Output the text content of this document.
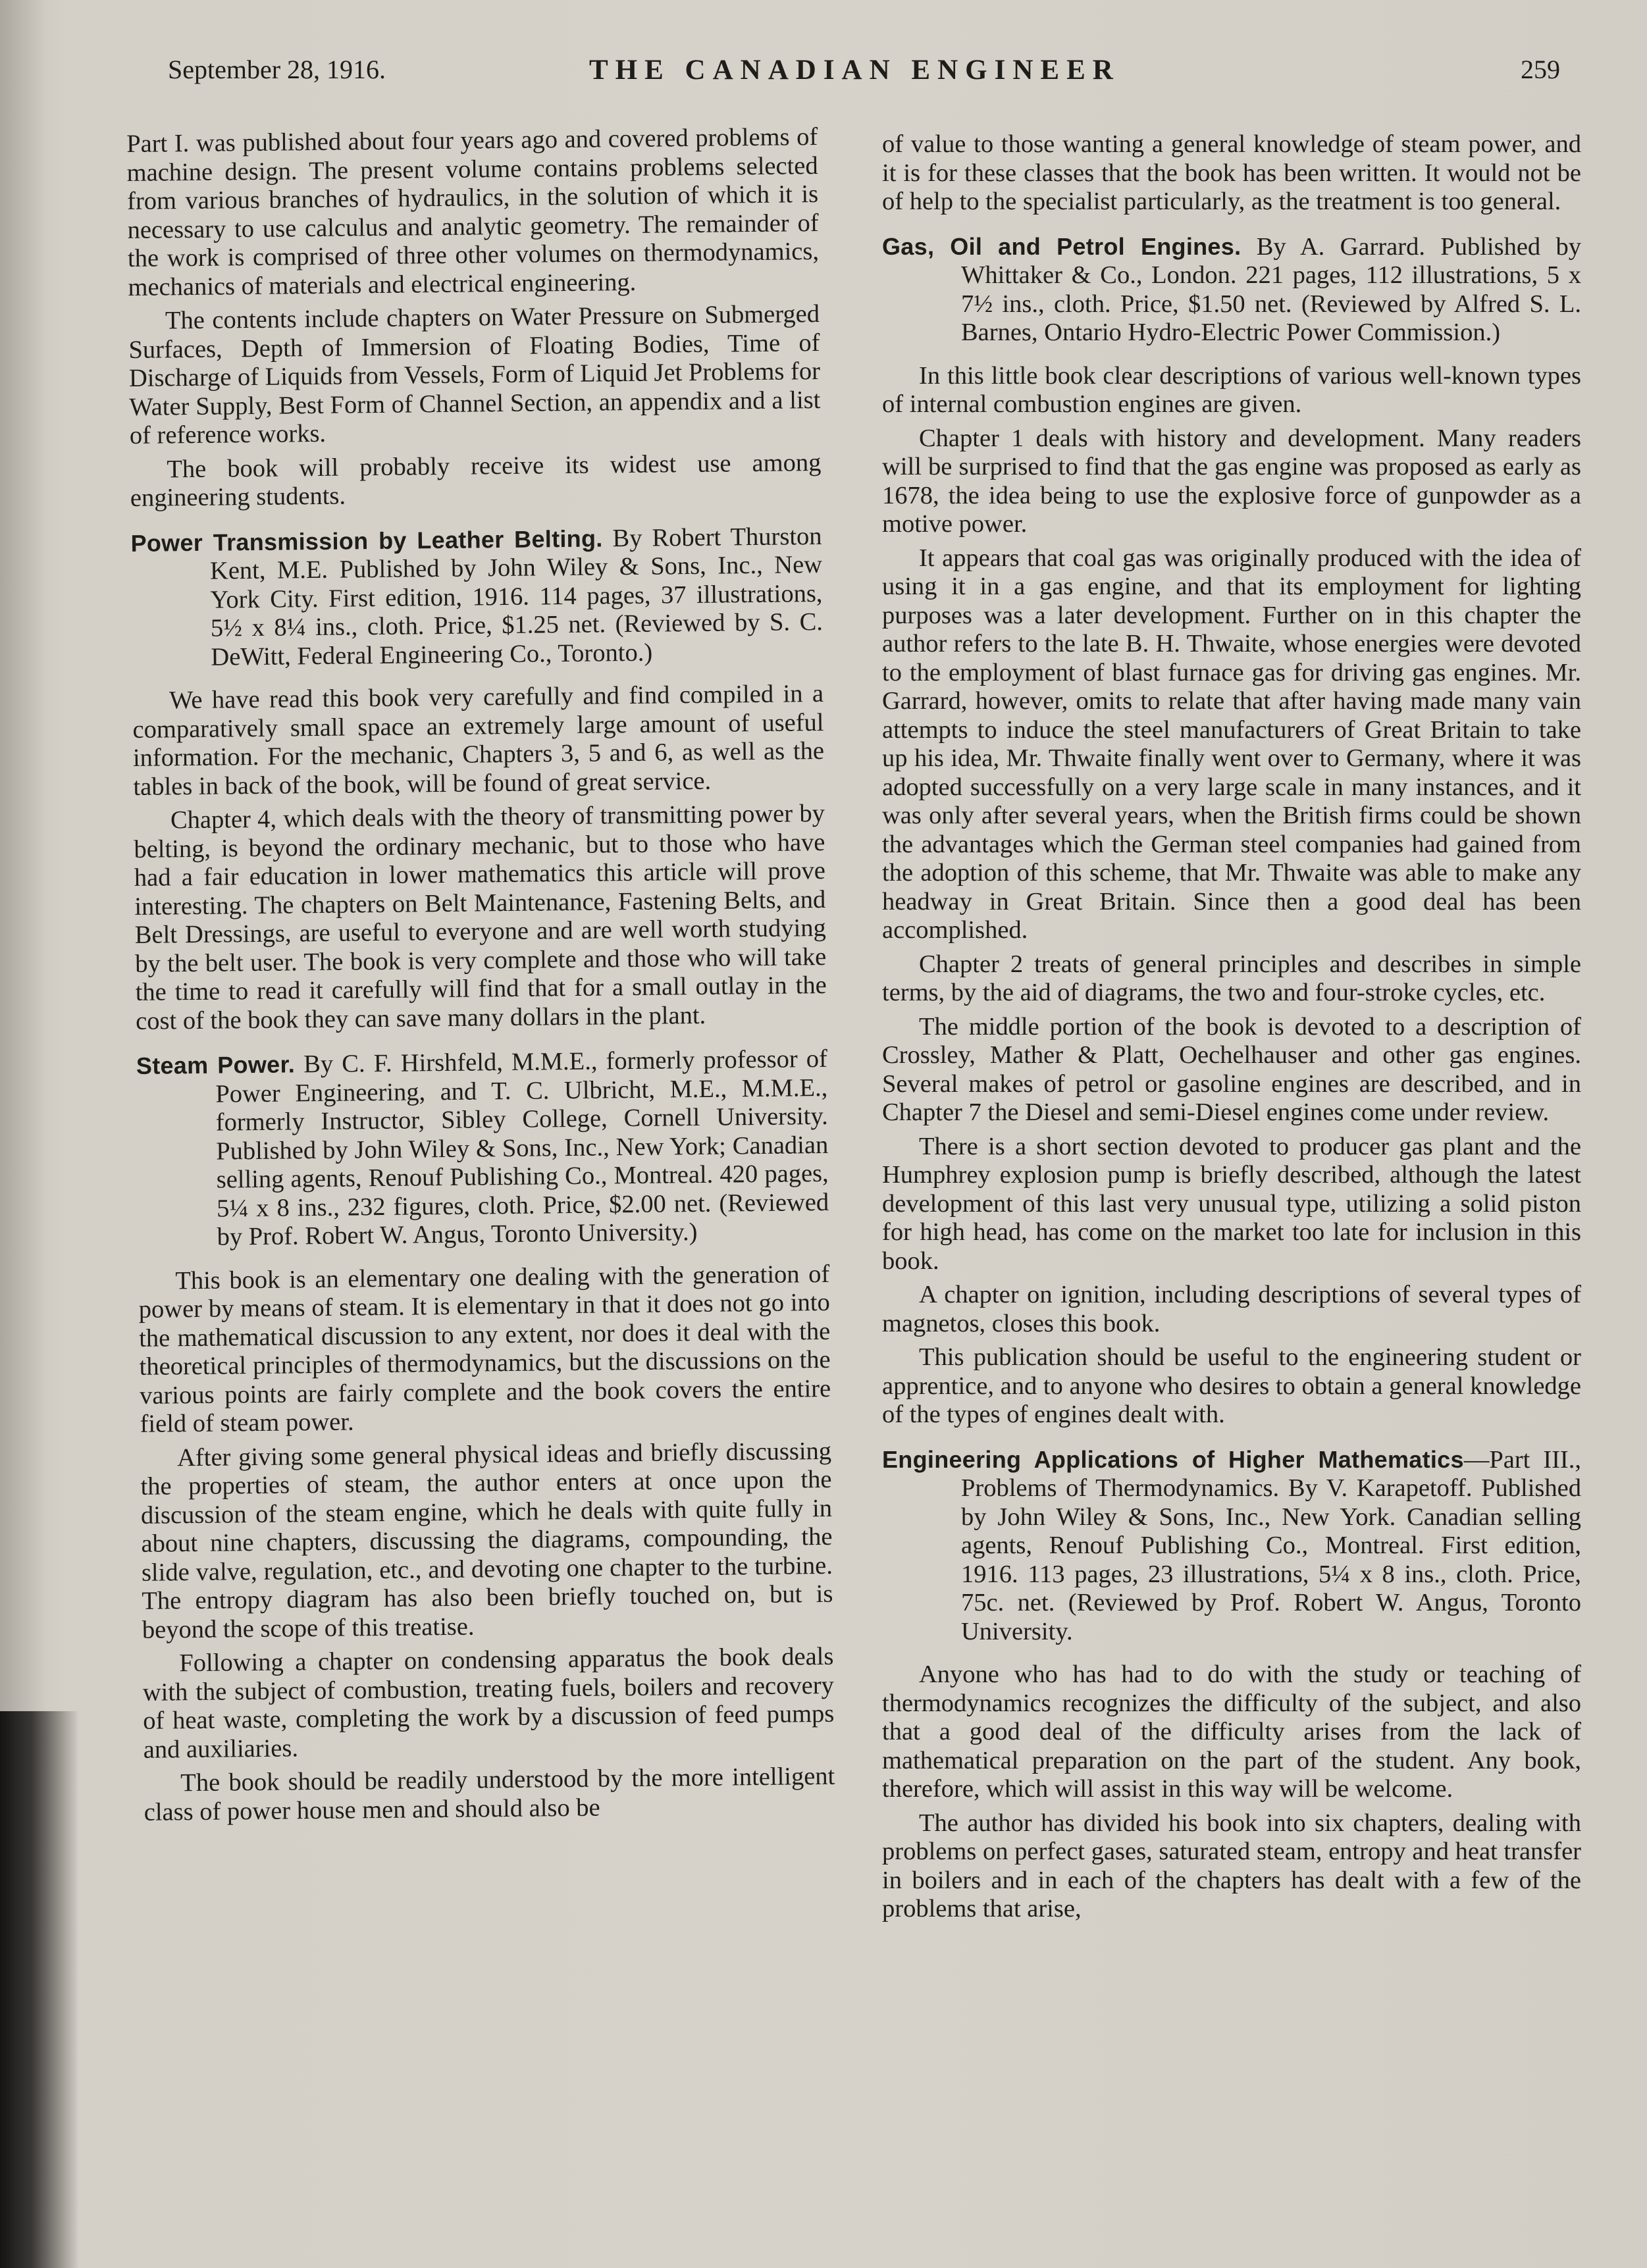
September 28, 1916.	THE CANADIAN ENGINEER	259

Part I. was published about four years ago and covered problems of machine design. The present volume contains problems selected from various branches of hydraulics, in the solution of which it is necessary to use calculus and analytic geometry. The remainder of the work is comprised of three other volumes on thermodynamics, mechanics of materials and electrical engineering.

The contents include chapters on Water Pressure on Submerged Surfaces, Depth of Immersion of Floating Bodies, Time of Discharge of Liquids from Vessels, Form of Liquid Jet Problems for Water Supply, Best Form of Channel Section, an appendix and a list of reference works.

The book will probably receive its widest use among engineering students.

Power Transmission by Leather Belting. By Robert Thurston Kent, M.E. Published by John Wiley & Sons, Inc., New York City. First edition, 1916. 114 pages, 37 illustrations, 5½ x 8¼ ins., cloth. Price, $1.25 net. (Reviewed by S. C. DeWitt, Federal Engineering Co., Toronto.)

We have read this book very carefully and find compiled in a comparatively small space an extremely large amount of useful information. For the mechanic, Chapters 3, 5 and 6, as well as the tables in back of the book, will be found of great service.

Chapter 4, which deals with the theory of transmitting power by belting, is beyond the ordinary mechanic, but to those who have had a fair education in lower mathematics this article will prove interesting. The chapters on Belt Maintenance, Fastening Belts, and Belt Dressings, are useful to everyone and are well worth studying by the belt user. The book is very complete and those who will take the time to read it carefully will find that for a small outlay in the cost of the book they can save many dollars in the plant.

Steam Power. By C. F. Hirshfeld, M.M.E., formerly professor of Power Engineering, and T. C. Ulbricht, M.E., M.M.E., formerly Instructor, Sibley College, Cornell University. Published by John Wiley & Sons, Inc., New York; Canadian selling agents, Renouf Publishing Co., Montreal. 420 pages, 5¼ x 8 ins., 232 figures, cloth. Price, $2.00 net. (Reviewed by Prof. Robert W. Angus, Toronto University.)

This book is an elementary one dealing with the generation of power by means of steam. It is elementary in that it does not go into the mathematical discussion to any extent, nor does it deal with the theoretical principles of thermodynamics, but the discussions on the various points are fairly complete and the book covers the entire field of steam power.

After giving some general physical ideas and briefly discussing the properties of steam, the author enters at once upon the discussion of the steam engine, which he deals with quite fully in about nine chapters, discussing the diagrams, compounding, the slide valve, regulation, etc., and devoting one chapter to the turbine. The entropy diagram has also been briefly touched on, but is beyond the scope of this treatise.

Following a chapter on condensing apparatus the book deals with the subject of combustion, treating fuels, boilers and recovery of heat waste, completing the work by a discussion of feed pumps and auxiliaries.

The book should be readily understood by the more intelligent class of power house men and should also be

of value to those wanting a general knowledge of steam power, and it is for these classes that the book has been written. It would not be of help to the specialist particularly, as the treatment is too general.

Gas, Oil and Petrol Engines. By A. Garrard. Published by Whittaker & Co., London. 221 pages, 112 illustrations, 5 x 7½ ins., cloth. Price, $1.50 net. (Reviewed by Alfred S. L. Barnes, Ontario Hydro-Electric Power Commission.)

In this little book clear descriptions of various well-known types of internal combustion engines are given.

Chapter 1 deals with history and development. Many readers will be surprised to find that the gas engine was proposed as early as 1678, the idea being to use the explosive force of gunpowder as a motive power.

It appears that coal gas was originally produced with the idea of using it in a gas engine, and that its employment for lighting purposes was a later development. Further on in this chapter the author refers to the late B. H. Thwaite, whose energies were devoted to the employment of blast furnace gas for driving gas engines. Mr. Garrard, however, omits to relate that after having made many vain attempts to induce the steel manufacturers of Great Britain to take up his idea, Mr. Thwaite finally went over to Germany, where it was adopted successfully on a very large scale in many instances, and it was only after several years, when the British firms could be shown the advantages which the German steel companies had gained from the adoption of this scheme, that Mr. Thwaite was able to make any headway in Great Britain. Since then a good deal has been accomplished.

Chapter 2 treats of general principles and describes in simple terms, by the aid of diagrams, the two and four-stroke cycles, etc.

The middle portion of the book is devoted to a description of Crossley, Mather & Platt, Oechelhauser and other gas engines. Several makes of petrol or gasoline engines are described, and in Chapter 7 the Diesel and semi-Diesel engines come under review.

There is a short section devoted to producer gas plant and the Humphrey explosion pump is briefly described, although the latest development of this last very unusual type, utilizing a solid piston for high head, has come on the market too late for inclusion in this book.

A chapter on ignition, including descriptions of several types of magnetos, closes this book.

This publication should be useful to the engineering student or apprentice, and to anyone who desires to obtain a general knowledge of the types of engines dealt with.

Engineering Applications of Higher Mathematics—Part III., Problems of Thermodynamics. By V. Karapetoff. Published by John Wiley & Sons, Inc., New York. Canadian selling agents, Renouf Publishing Co., Montreal. First edition, 1916. 113 pages, 23 illustrations, 5¼ x 8 ins., cloth. Price, 75c. net. (Reviewed by Prof. Robert W. Angus, Toronto University.

Anyone who has had to do with the study or teaching of thermodynamics recognizes the difficulty of the subject, and also that a good deal of the difficulty arises from the lack of mathematical preparation on the part of the student. Any book, therefore, which will assist in this way will be welcome.

The author has divided his book into six chapters, dealing with problems on perfect gases, saturated steam, entropy and heat transfer in boilers and in each of the chapters has dealt with a few of the problems that arise,
